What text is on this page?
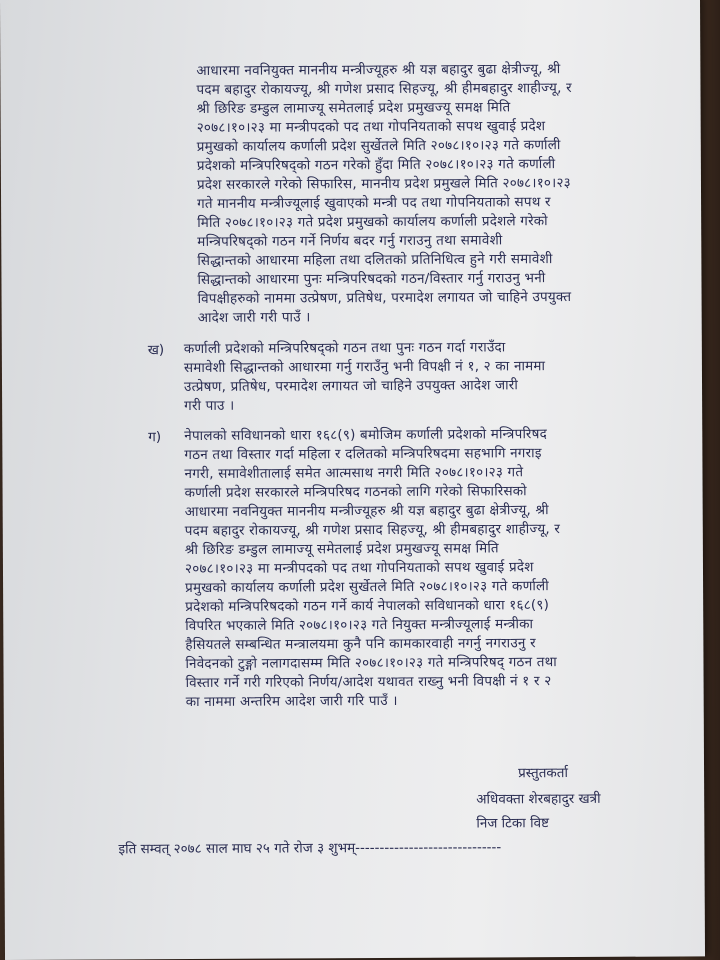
आधारमा नवनियुक्त माननीय मन्त्रीज्यूहरु श्री यज्ञ बहादुर बुढा क्षेत्रीज्यू, श्री
पदम बहादुर रोकायज्यू, श्री गणेश प्रसाद सिहज्यू, श्री हीमबहादुर शाहीज्यू, र
श्री छिरिङ डम्डुल लामाज्यू समेतलाई प्रदेश प्रमुखज्यू समक्ष मिति
२०७८।१०।२३ मा मन्त्रीपदको पद तथा गोपनियताको सपथ खुवाई प्रदेश
प्रमुखको कार्यालय कर्णाली प्रदेश सुर्खेतले मिति २०७८।१०।२३ गते कर्णाली
प्रदेशको मन्त्रिपरिषद्को गठन गरेको हुँदा मिति २०७८।१०।२३ गते कर्णाली
प्रदेश सरकारले गरेको सिफारिस, माननीय प्रदेश प्रमुखले मिति २०७८।१०।२३
गते माननीय मन्त्रीज्यूलाई खुवाएको मन्त्री पद तथा गोपनियताको सपथ र
मिति २०७८।१०।२३ गते प्रदेश प्रमुखको कार्यालय कर्णाली प्रदेशले गरेको
मन्त्रिपरिषद्को गठन गर्ने निर्णय बदर गर्नु गराउनु तथा समावेशी
सिद्धान्तको आधारमा महिला तथा दलितको प्रतिनिधित्व हुने गरी समावेशी
सिद्धान्तको आधारमा पुनः मन्त्रिपरिषदको गठन/विस्तार गर्नु गराउनु भनी
विपक्षीहरुको नाममा उत्प्रेषण, प्रतिषेध, परमादेश लगायत जो चाहिने उपयुक्त
आदेश जारी गरी पाउँ ।
ख) कर्णाली प्रदेशको मन्त्रिपरिषद्को गठन तथा पुनः गठन गर्दा गराउँदा
समावेशी सिद्धान्तको आधारमा गर्नु गराउँनु भनी विपक्षी नं १, २ का नाममा
उत्प्रेषण, प्रतिषेध, परमादेश लगायत जो चाहिने उपयुक्त आदेश जारी
गरी पाउ ।
ग) नेपालको सविधानको धारा १६८(९) बमोजिम कर्णाली प्रदेशको मन्त्रिपरिषद
गठन तथा विस्तार गर्दा महिला र दलितको मन्त्रिपरिषदमा सहभागि नगराइ
नगरी, समावेशीतालाई समेत आत्मसाथ नगरी मिति २०७८।१०।२३ गते
कर्णाली प्रदेश सरकारले मन्त्रिपरिषद गठनको लागि गरेको सिफारिसको
आधारमा नवनियुक्त माननीय मन्त्रीज्यूहरु श्री यज्ञ बहादुर बुढा क्षेत्रीज्यू, श्री
पदम बहादुर रोकायज्यू, श्री गणेश प्रसाद सिहज्यू, श्री हीमबहादुर शाहीज्यू, र
श्री छिरिङ डम्डुल लामाज्यू समेतलाई प्रदेश प्रमुखज्यू समक्ष मिति
२०७८।१०।२३ मा मन्त्रीपदको पद तथा गोपनियताको सपथ खुवाई प्रदेश
प्रमुखको कार्यालय कर्णाली प्रदेश सुर्खेतले मिति २०७८।१०।२३ गते कर्णाली
प्रदेशको मन्त्रिपरिषदको गठन गर्ने कार्य नेपालको सविधानको धारा १६८(९)
विपरित भएकाले मिति २०७८।१०।२३ गते नियुक्त मन्त्रीज्यूलाई मन्त्रीका
हैसियतले सम्बन्धित मन्त्रालयमा कुनै पनि कामकारवाही नगर्नु नगराउनु र
निवेदनको टुङ्गो नलागदासम्म मिति २०७८।१०।२३ गते मन्त्रिपरिषद् गठन तथा
विस्तार गर्ने गरी गरिएको निर्णय/आदेश यथावत राख्नु भनी विपक्षी नं १ र २
का नाममा अन्तरिम आदेश जारी गरि पाउँ ।
प्रस्तुतकर्ता
अधिवक्ता शेरबहादुर खत्री
निज टिका विष्ट
इति सम्वत् २०७८ साल माघ २५ गते रोज ३ शुभम्------------------------------
